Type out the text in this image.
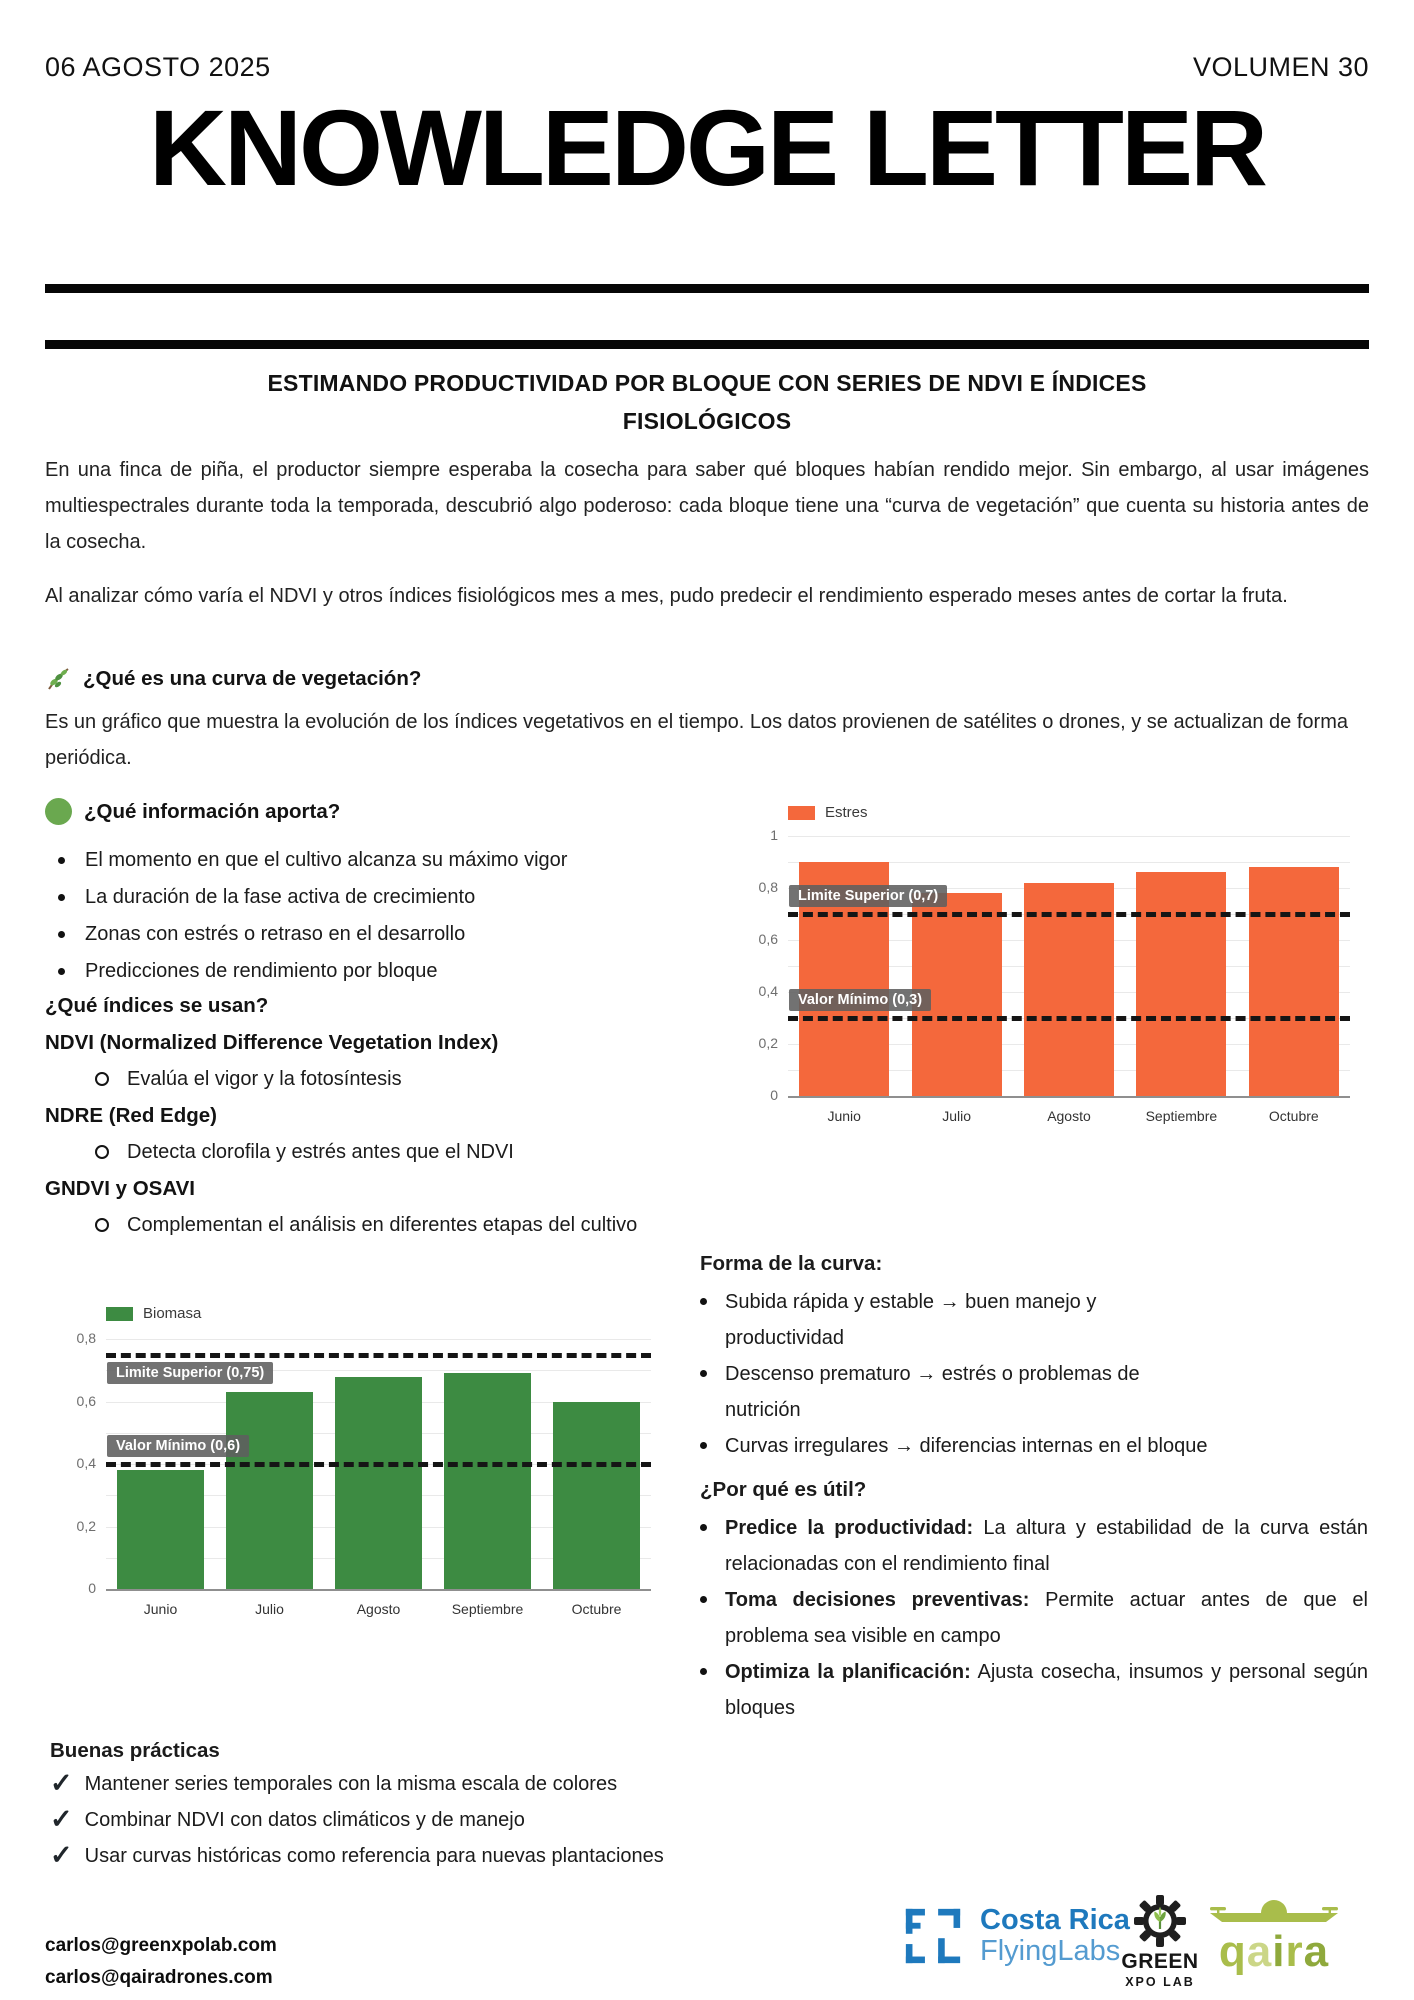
06 AGOSTO 2025	VOLUMEN 30
KNOWLEDGE LETTER
ESTIMANDO PRODUCTIVIDAD POR BLOQUE CON SERIES DE NDVI E ÍNDICES FISIOLÓGICOS

En una finca de piña, el productor siempre esperaba la cosecha para saber qué bloques habían rendido mejor. Sin embargo, al usar imágenes multiespectrales durante toda la temporada, descubrió algo poderoso: cada bloque tiene una “curva de vegetación” que cuenta su historia antes de la cosecha.

Al analizar cómo varía el NDVI y otros índices fisiológicos mes a mes, pudo predecir el rendimiento esperado meses antes de cortar la fruta.

¿Qué es una curva de vegetación?

Es un gráfico que muestra la evolución de los índices vegetativos en el tiempo. Los datos provienen de satélites o drones, y se actualizan de forma periódica.

¿Qué información aporta?
El momento en que el cultivo alcanza su máximo vigor
La duración de la fase activa de crecimiento
Zonas con estrés o retraso en el desarrollo
Predicciones de rendimiento por bloque
Estres
Limite Superior (0,7)
Valor Mínimo (0,3)
0
0,2
0,4
0,6
0,8
1
Junio	Julio	Agosto	Septiembre	Octubre
¿Qué índices se usan?
NDVI (Normalized Difference Vegetation Index)
Evalúa el vigor y la fotosíntesis
NDRE (Red Edge)
Detecta clorofila y estrés antes que el NDVI
GNDVI y OSAVI
Complementan el análisis en diferentes etapas del cultivo
Biomasa
Limite Superior (0,75)
Valor Mínimo (0,6)
0
0,2
0,4
0,6
0,8
Junio	Julio	Agosto	Septiembre	Octubre
Forma de la curva:
Subida rápida y estable → buen manejo y
productividad
Descenso prematuro → estrés o problemas de
nutrición
Curvas irregulares → diferencias internas en el bloque
¿Por qué es útil?

Predice la productividad: La altura y estabilidad de la curva están relacionadas con el rendimiento final

Toma decisiones preventivas: Permite actuar antes de que el problema sea visible en campo

Optimiza la planificación: Ajusta cosecha, insumos y personal según bloques

Buenas prácticas
✓ Mantener series temporales con la misma escala de colores
✓ Combinar NDVI con datos climáticos y de manejo
✓ Usar curvas históricas como referencia para nuevas plantaciones
carlos@greenxpolab.com
carlos@qairadrones.com
Costa Rica
FlyingLabs GREEN
XPO LAB
qaira
